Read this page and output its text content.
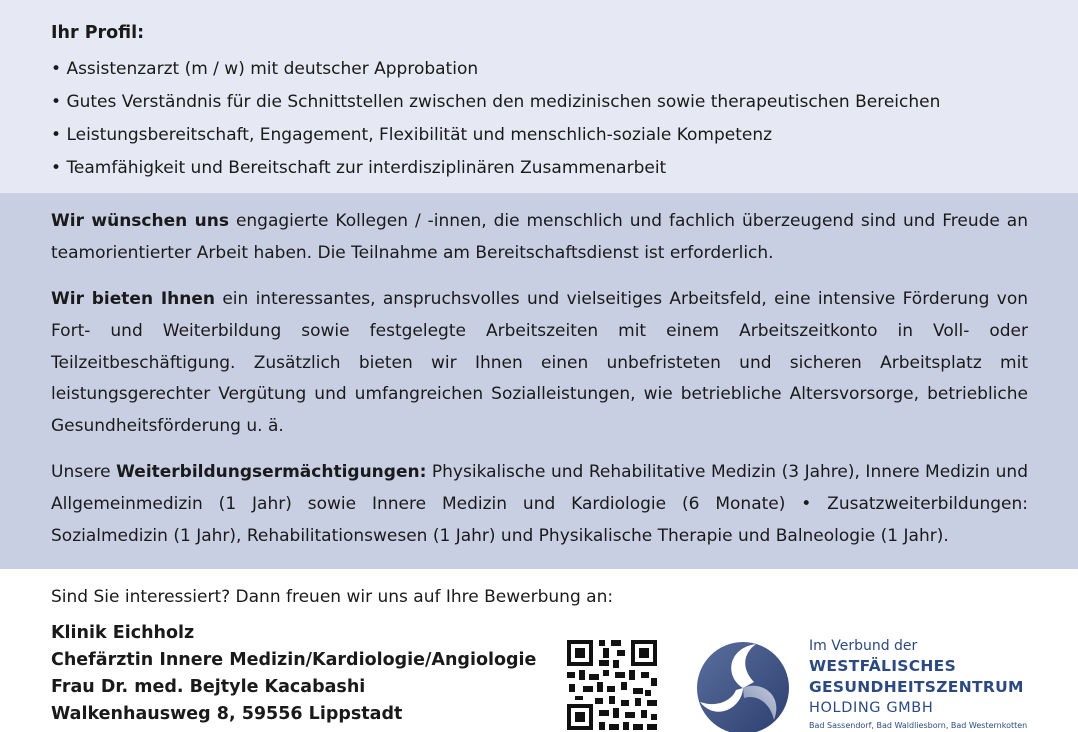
Ihr Profil:
• Assistenzarzt (m / w) mit deutscher Approbation
• Gutes Verständnis für die Schnittstellen zwischen den medizinischen sowie therapeutischen Bereichen
• Leistungsbereitschaft, Engagement, Flexibilität und menschlich-soziale Kompetenz
• Teamfähigkeit und Bereitschaft zur interdisziplinären Zusammenarbeit

Wir wünschen uns engagierte Kollegen / -innen, die menschlich und fachlich überzeugend sind und Freude an teamorientierter Arbeit haben. Die Teilnahme am Bereitschaftsdienst ist erforderlich.

Wir bieten Ihnen ein interessantes, anspruchsvolles und vielseitiges Arbeitsfeld, eine intensive Förderung von Fort- und Weiterbildung sowie festgelegte Arbeitszeiten mit einem Arbeitszeitkonto in Voll- oder Teilzeitbeschäftigung. Zusätzlich bieten wir Ihnen einen unbefristeten und sicheren Arbeitsplatz mit leistungsgerechter Vergütung und umfangreichen Sozialleistungen, wie betriebliche Altersvorsorge, betriebliche Gesundheitsförderung u. ä.

Unsere Weiterbildungsermächtigungen: Physikalische und Rehabilitative Medizin (3 Jahre), Innere Medizin und Allgemeinmedizin (1 Jahr) sowie Innere Medizin und Kardiologie (6 Monate) • Zusatzweiterbildungen: Sozialmedizin (1 Jahr), Rehabilitationswesen (1 Jahr) und Physikalische Therapie und Balneologie (1 Jahr).

Sind Sie interessiert? Dann freuen wir uns auf Ihre Bewerbung an:

Klinik Eichholz
Chefärztin Innere Medizin/Kardiologie/Angiologie
Frau Dr. med. Bejtyle Kacabashi
Walkenhausweg 8, 59556 Lippstadt
Im Verbund der
WESTFÄLISCHES
GESUNDHEITSZENTRUM
HOLDING GMBH
Bad Sassendorf, Bad Waldliesborn, Bad Westernkotten
